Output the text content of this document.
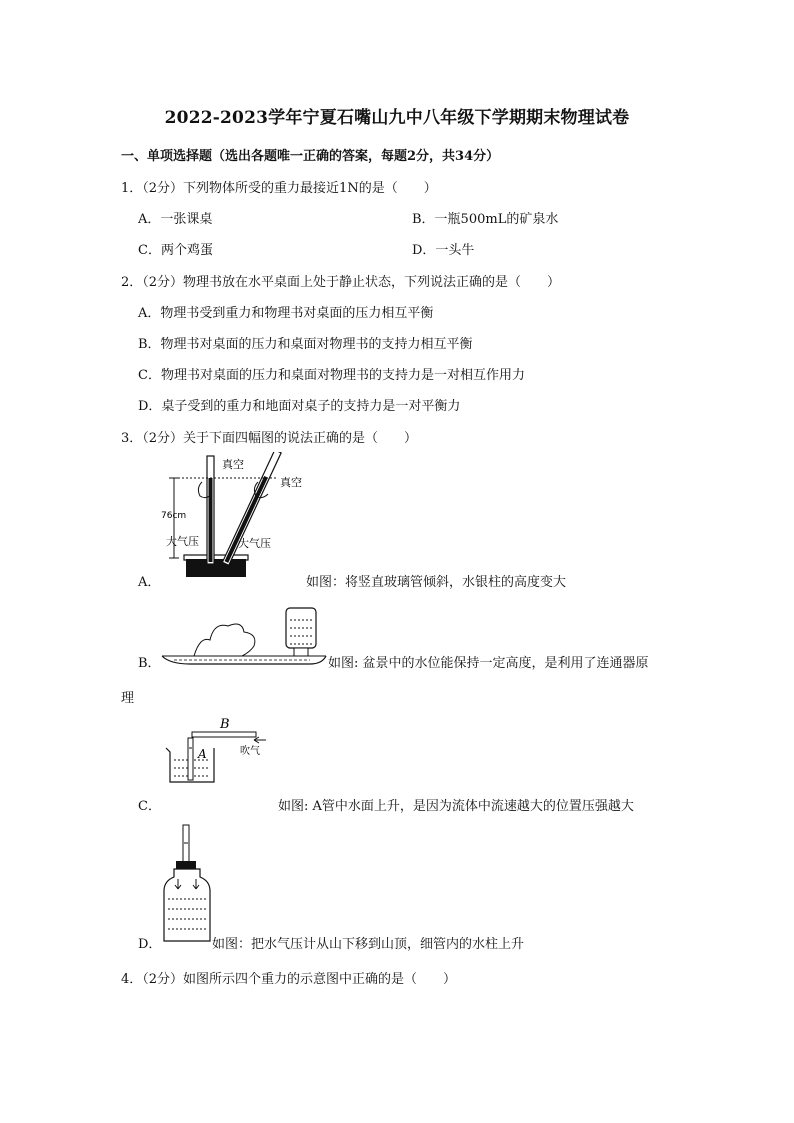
2022-2023学年宁夏石嘴山九中八年级下学期期末物理试卷
一、单项选择题（选出各题唯一正确的答案，每题2分，共34分）
1．（2分）下列物体所受的重力最接近1N的是（　　）
A．一张课桌	B．一瓶500mL的矿泉水
C．两个鸡蛋	D．一头牛
2．（2分）物理书放在水平桌面上处于静止状态，下列说法正确的是（　　）
A．物理书受到重力和物理书对桌面的压力相互平衡
B．物理书对桌面的压力和桌面对物理书的支持力相互平衡
C．物理书对桌面的压力和桌面对物理书的支持力是一对相互作用力
D．桌子受到的重力和地面对桌子的支持力是一对平衡力
3．（2分）关于下面四幅图的说法正确的是（　　）
真空
真空
76cm
大气压	大气压
A．	如图：将竖直玻璃管倾斜，水银柱的高度变大
B．	如图: 盆景中的水位能保持一定高度，是利用了连通器原
理
B
A	吹气
C．	如图: A管中水面上升，是因为流体中流速越大的位置压强越大
D．	如图：把水气压计从山下移到山顶，细管内的水柱上升
4．（2分）如图所示四个重力的示意图中正确的是（　　）
